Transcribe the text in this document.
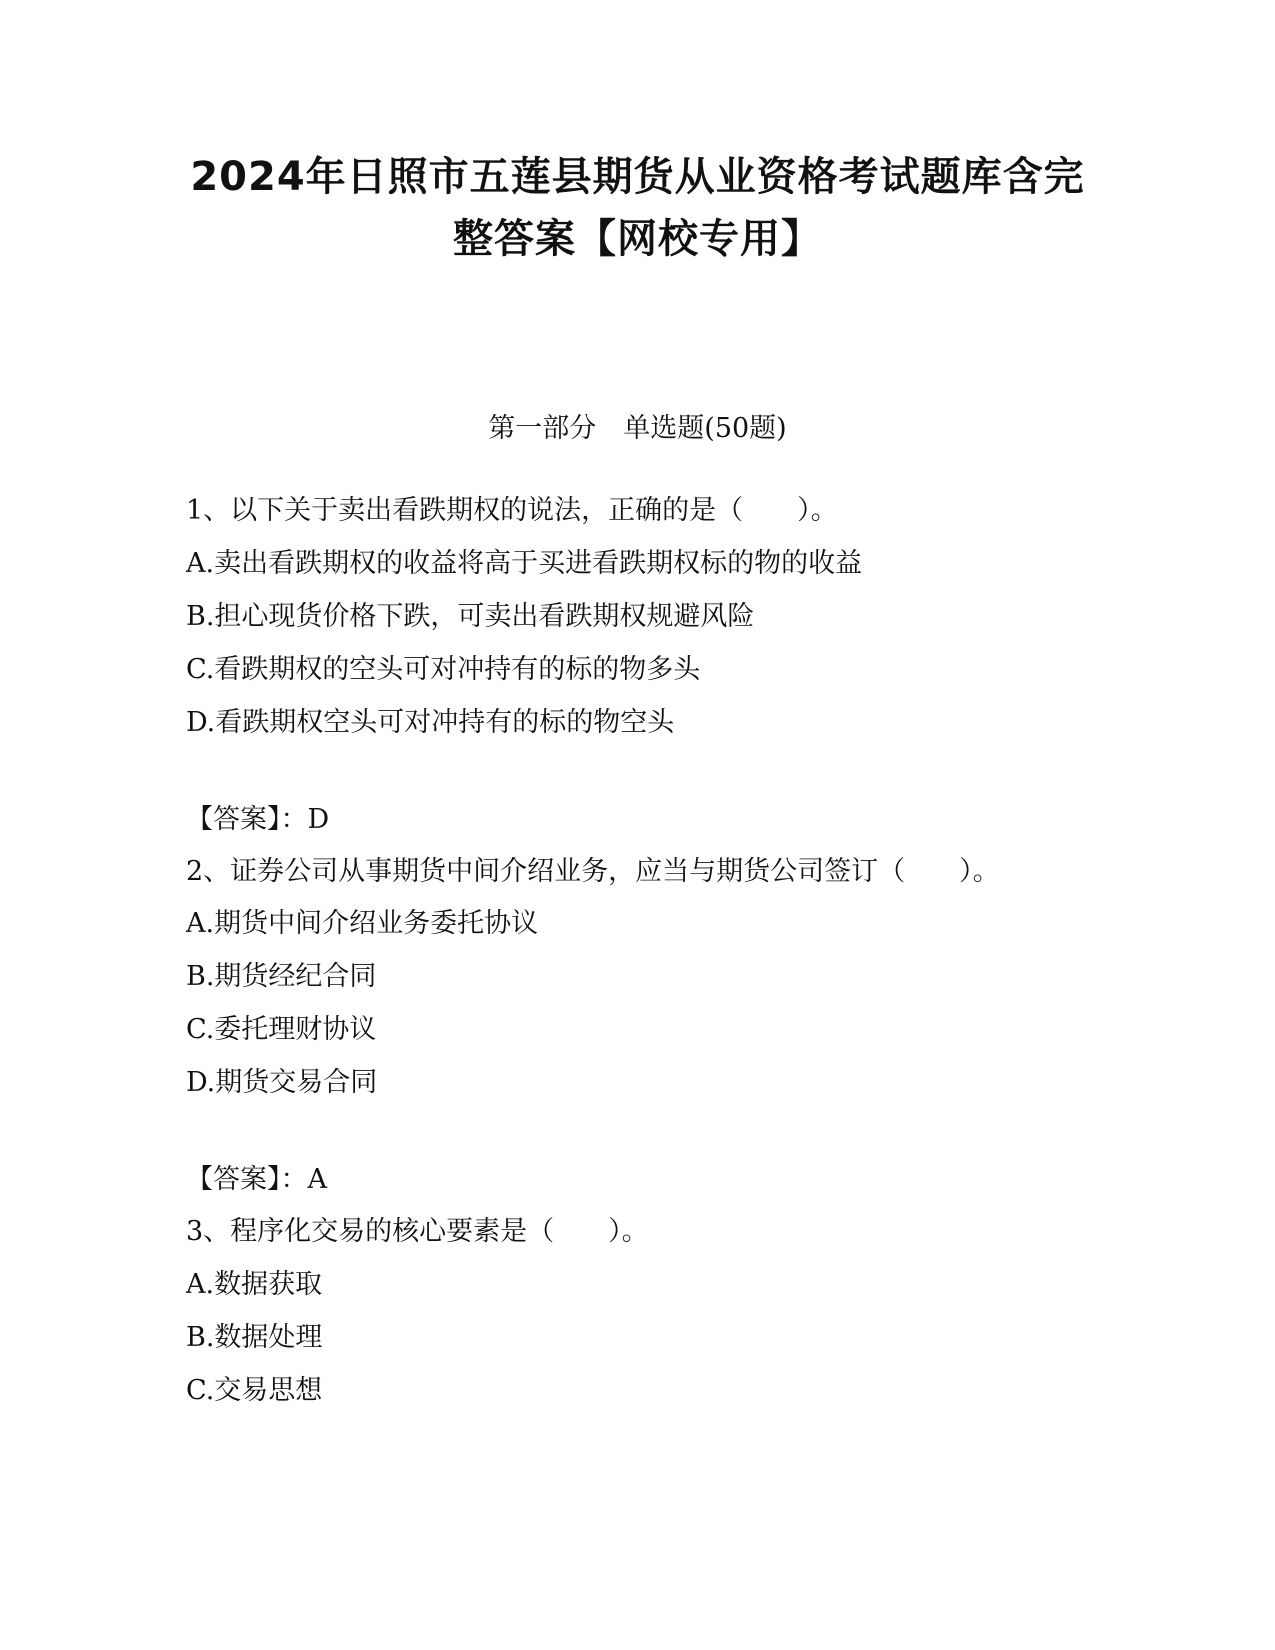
2024年日照市五莲县期货从业资格考试题库含完
整答案【网校专用】
第一部分　单选题(50题)

1、以下关于卖出看跌期权的说法，正确的是（　　）。

A.卖出看跌期权的收益将高于买进看跌期权标的物的收益

B.担心现货价格下跌，可卖出看跌期权规避风险

C.看跌期权的空头可对冲持有的标的物多头

D.看跌期权空头可对冲持有的标的物空头

【答案】：D

2、证券公司从事期货中间介绍业务，应当与期货公司签订（　　）。

A.期货中间介绍业务委托协议

B.期货经纪合同

C.委托理财协议

D.期货交易合同

【答案】：A

3、程序化交易的核心要素是（　　）。

A.数据获取

B.数据处理

C.交易思想
